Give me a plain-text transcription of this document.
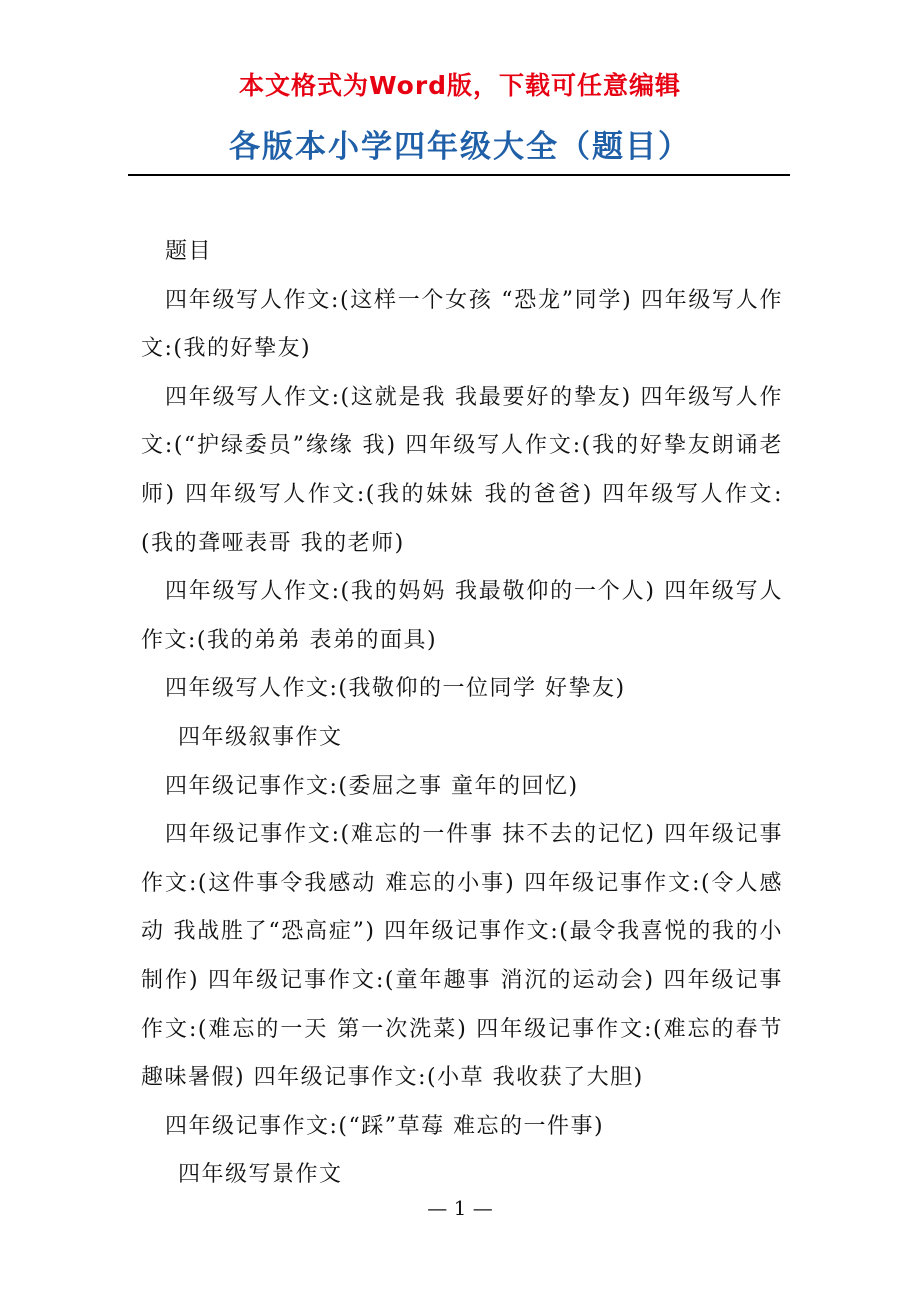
本文格式为Word版，下载可任意编辑
各版本小学四年级大全（题目）

题目

四年级写人作文:(这样一个女孩 “恐龙”同学) 四年级写人作文:(我的好挚友)

四年级写人作文:(这就是我 我最要好的挚友) 四年级写人作文:(“护绿委员”缘缘 我) 四年级写人作文:(我的好挚友朗诵老师) 四年级写人作文:(我的妹妹 我的爸爸) 四年级写人作文:(我的聋哑表哥 我的老师)

四年级写人作文:(我的妈妈 我最敬仰的一个人) 四年级写人作文:(我的弟弟 表弟的面具)

四年级写人作文:(我敬仰的一位同学 好挚友)

四年级叙事作文

四年级记事作文:(委屈之事 童年的回忆)

四年级记事作文:(难忘的一件事 抹不去的记忆) 四年级记事作文:(这件事令我感动 难忘的小事) 四年级记事作文:(令人感动 我战胜了“恐高症”) 四年级记事作文:(最令我喜悦的我的小制作) 四年级记事作文:(童年趣事 消沉的运动会) 四年级记事作文:(难忘的一天 第一次洗菜) 四年级记事作文:(难忘的春节 趣味暑假) 四年级记事作文:(小草 我收获了大胆)

四年级记事作文:(“踩”草莓 难忘的一件事)

四年级写景作文

— 1 —
